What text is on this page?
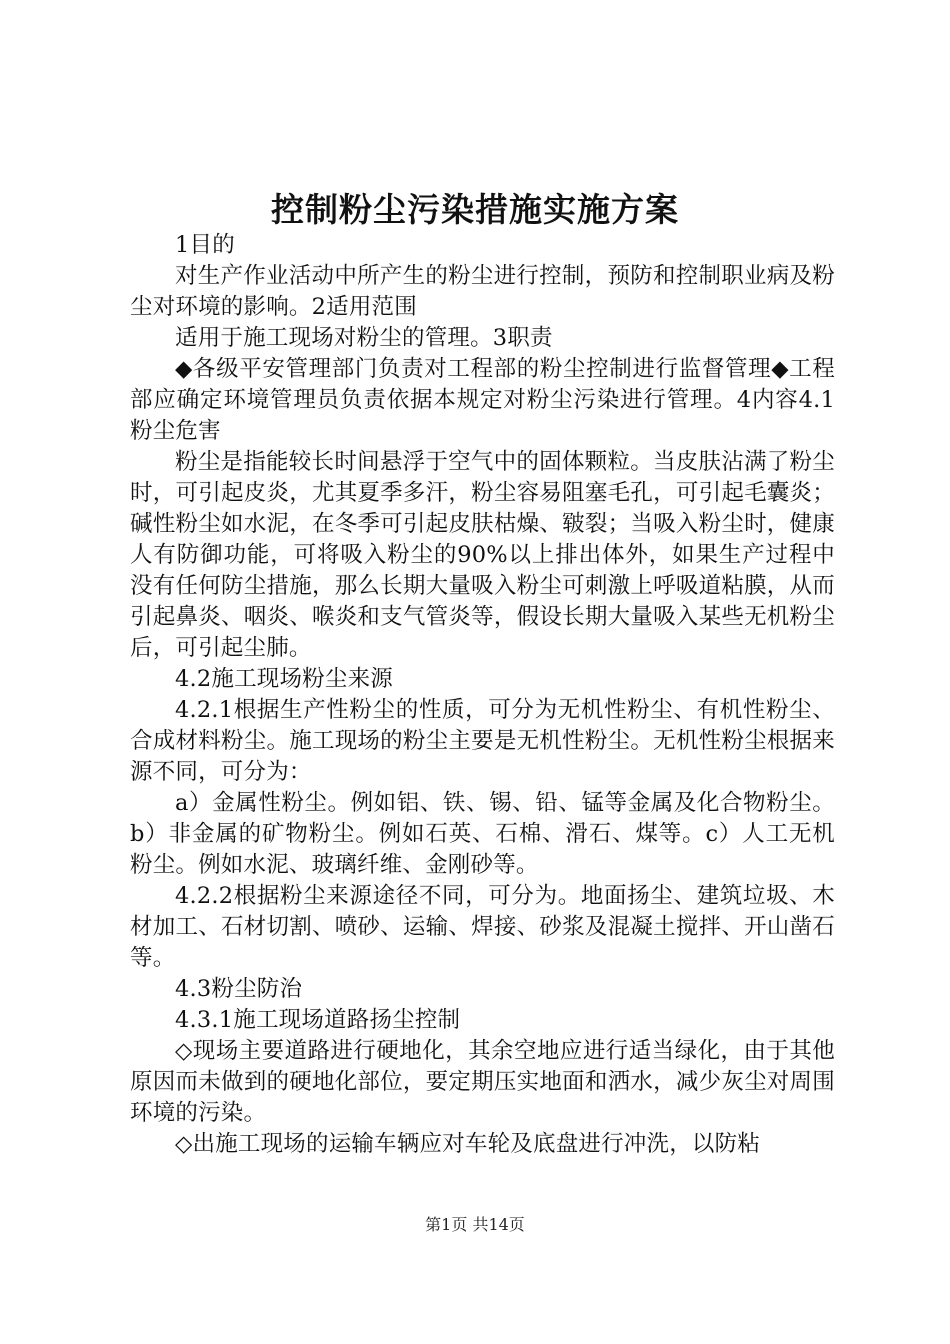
控制粉尘污染措施实施方案

1目的

对生产作业活动中所产生的粉尘进行控制，预防和控制职业病及粉尘对环境的影响。2适用范围

适用于施工现场对粉尘的管理。3职责

◆各级平安管理部门负责对工程部的粉尘控制进行监督管理◆工程部应确定环境管理员负责依据本规定对粉尘污染进行管理。4内容4.1粉尘危害

粉尘是指能较长时间悬浮于空气中的固体颗粒。当皮肤沾满了粉尘时，可引起皮炎，尤其夏季多汗，粉尘容易阻塞毛孔，可引起毛囊炎；碱性粉尘如水泥，在冬季可引起皮肤枯燥、皲裂；当吸入粉尘时，健康人有防御功能，可将吸入粉尘的90%以上排出体外，如果生产过程中没有任何防尘措施，那么长期大量吸入粉尘可刺激上呼吸道粘膜，从而引起鼻炎、咽炎、喉炎和支气管炎等，假设长期大量吸入某些无机粉尘后，可引起尘肺。

4.2施工现场粉尘来源

4.2.1根据生产性粉尘的性质，可分为无机性粉尘、有机性粉尘、合成材料粉尘。施工现场的粉尘主要是无机性粉尘。无机性粉尘根据来源不同，可分为：

a）金属性粉尘。例如铝、铁、锡、铅、锰等金属及化合物粉尘。b）非金属的矿物粉尘。例如石英、石棉、滑石、煤等。c）人工无机粉尘。例如水泥、玻璃纤维、金刚砂等。

4.2.2根据粉尘来源途径不同，可分为。地面扬尘、建筑垃圾、木材加工、石材切割、喷砂、运输、焊接、砂浆及混凝土搅拌、开山凿石等。

4.3粉尘防治

4.3.1施工现场道路扬尘控制

◇现场主要道路进行硬地化，其余空地应进行适当绿化，由于其他原因而未做到的硬地化部位，要定期压实地面和洒水，减少灰尘对周围环境的污染。

◇出施工现场的运输车辆应对车轮及底盘进行冲洗，以防粘

第1页 共14页
